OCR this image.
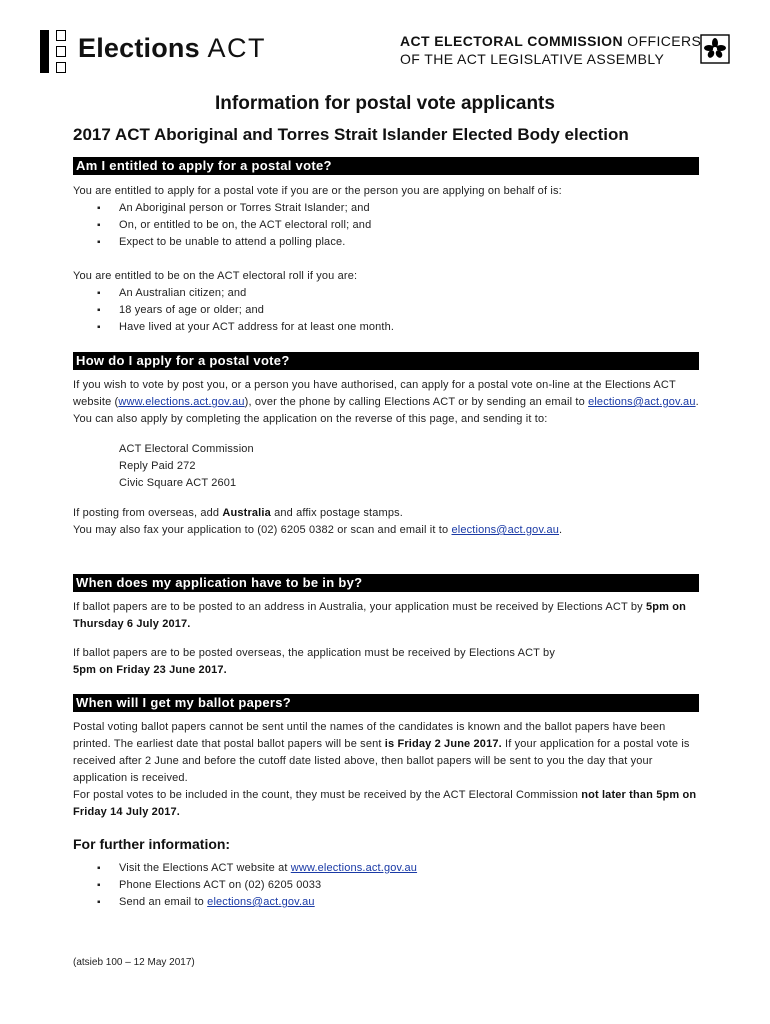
Elections ACT	ACT ELECTORAL COMMISSION OFFICERS
OF THE ACT LEGISLATIVE ASSEMBLY
Information for postal vote applicants
2017 ACT Aboriginal and Torres Strait Islander Elected Body election
Am I entitled to apply for a postal vote?

You are entitled to apply for a postal vote if you are or the person you are applying on behalf of is:

▪ An Aboriginal person or Torres Strait Islander; and
▪ On, or entitled to be on, the ACT electoral roll; and
▪ Expect to be unable to attend a polling place.

You are entitled to be on the ACT electoral roll if you are:

▪ An Australian citizen; and
▪ 18 years of age or older; and
▪ Have lived at your ACT address for at least one month.
How do I apply for a postal vote?

If you wish to vote by post you, or a person you have authorised, can apply for a postal vote on-line at the Elections ACT website (www.elections.act.gov.au), over the phone by calling Elections ACT or by sending an email to elections@act.gov.au. You can also apply by completing the application on the reverse of this page, and sending it to:

ACT Electoral Commission
Reply Paid 272
Civic Square ACT 2601

If posting from overseas, add Australia and affix postage stamps.

You may also fax your application to (02) 6205 0382 or scan and email it to elections@act.gov.au.

When does my application have to be in by?

If ballot papers are to be posted to an address in Australia, your application must be received by Elections ACT by 5pm on Thursday 6 July 2017.

If ballot papers are to be posted overseas, the application must be received by Elections ACT by
5pm on Friday 23 June 2017.

When will I get my ballot papers?

Postal voting ballot papers cannot be sent until the names of the candidates is known and the ballot papers have been printed. The earliest date that postal ballot papers will be sent is Friday 2 June 2017. If your application for a postal vote is received after 2 June and before the cutoff date listed above, then ballot papers will be sent to you the day that your application is received.

For postal votes to be included in the count, they must be received by the ACT Electoral Commission not later than 5pm on Friday 14 July 2017.

For further information:

▪ Visit the Elections ACT website at www.elections.act.gov.au
▪ Phone Elections ACT on (02) 6205 0033
▪ Send an email to elections@act.gov.au
(atsieb 100 – 12 May 2017)
